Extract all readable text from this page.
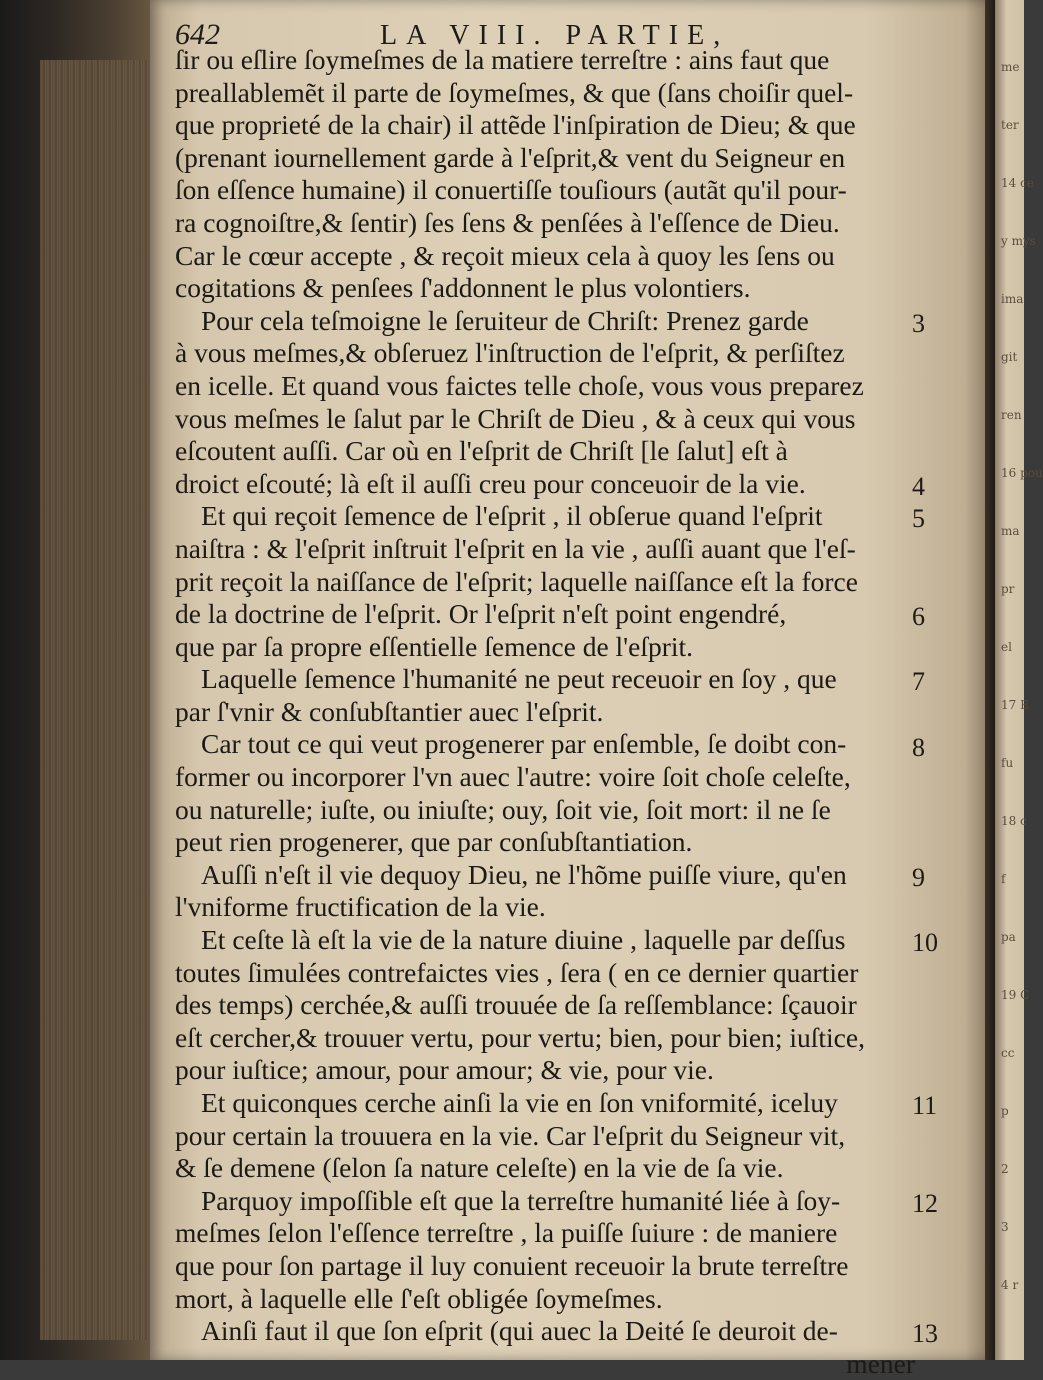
me
ter
14 ce
y mys
ima
git
ren
16 pou
ma
pr
el
17 E
fu
18 c
f
pa
19 C
cc
p
2
3
4 r
642	LA VIII. PARTIE,
ſir ou eſlire ſoymeſmes de la matiere terreſtre : ains faut que
preallablemẽt il parte de ſoymeſmes, & que (ſans choiſir quel-
que proprieté de la chair) il attẽde l'inſpiration de Dieu; & que
(prenant iournellement garde à l'eſprit,& vent du Seigneur en
ſon eſſence humaine) il conuertiſſe touſiours (autãt qu'il pour-
ra cognoiſtre,& ſentir) ſes ſens & penſées à l'eſſence de Dieu.
Car le cœur accepte , & reçoit mieux cela à quoy les ſens ou
cogitations & penſees ſ'addonnent le plus volontiers.
Pour cela teſmoigne le ſeruiteur de Chriſt: Prenez garde
à vous meſmes,& obſeruez l'inſtruction de l'eſprit, & perſiſtez
en icelle. Et quand vous faictes telle choſe, vous vous preparez
vous meſmes le ſalut par le Chriſt de Dieu , & à ceux qui vous
eſcoutent auſſi. Car où en l'eſprit de Chriſt [le ſalut] eſt à
droict eſcouté; là eſt il auſſi creu pour conceuoir de la vie.
Et qui reçoit ſemence de l'eſprit , il obſerue quand l'eſprit
naiſtra : & l'eſprit inſtruit l'eſprit en la vie , auſſi auant que l'eſ-
prit reçoit la naiſſance de l'eſprit; laquelle naiſſance eſt la force
de la doctrine de l'eſprit. Or l'eſprit n'eſt point engendré,
que par ſa propre eſſentielle ſemence de l'eſprit.
Laquelle ſemence l'humanité ne peut receuoir en ſoy , que
par ſ'vnir & conſubſtantier auec l'eſprit.
Car tout ce qui veut progenerer par enſemble, ſe doibt con-
former ou incorporer l'vn auec l'autre: voire ſoit choſe celeſte,
ou naturelle; iuſte, ou iniuſte; ouy, ſoit vie, ſoit mort: il ne ſe
peut rien progenerer, que par conſubſtantiation.
Auſſi n'eſt il vie dequoy Dieu, ne l'hõme puiſſe viure, qu'en
l'vniforme fructification de la vie.
Et ceſte là eſt la vie de la nature diuine , laquelle par deſſus
toutes ſimulées contrefaictes vies , ſera ( en ce dernier quartier
des temps) cerchée,& auſſi trouuée de ſa reſſemblance: ſçauoir
eſt cercher,& trouuer vertu, pour vertu; bien, pour bien; iuſtice,
pour iuſtice; amour, pour amour; & vie, pour vie.
Et quiconques cerche ainſi la vie en ſon vniformité, iceluy
pour certain la trouuera en la vie. Car l'eſprit du Seigneur vit,
& ſe demene (ſelon ſa nature celeſte) en la vie de ſa vie.
Parquoy impoſſible eſt que la terreſtre humanité liée à ſoy-
meſmes ſelon l'eſſence terreſtre , la puiſſe ſuiure : de maniere
que pour ſon partage il luy conuient receuoir la brute terreſtre
mort, à laquelle elle ſ'eſt obligée ſoymeſmes.
Ainſi faut il que ſon eſprit (qui auec la Deité ſe deuroit de-
mener
3
4
5
6
7
8
9
10
11
12
13
